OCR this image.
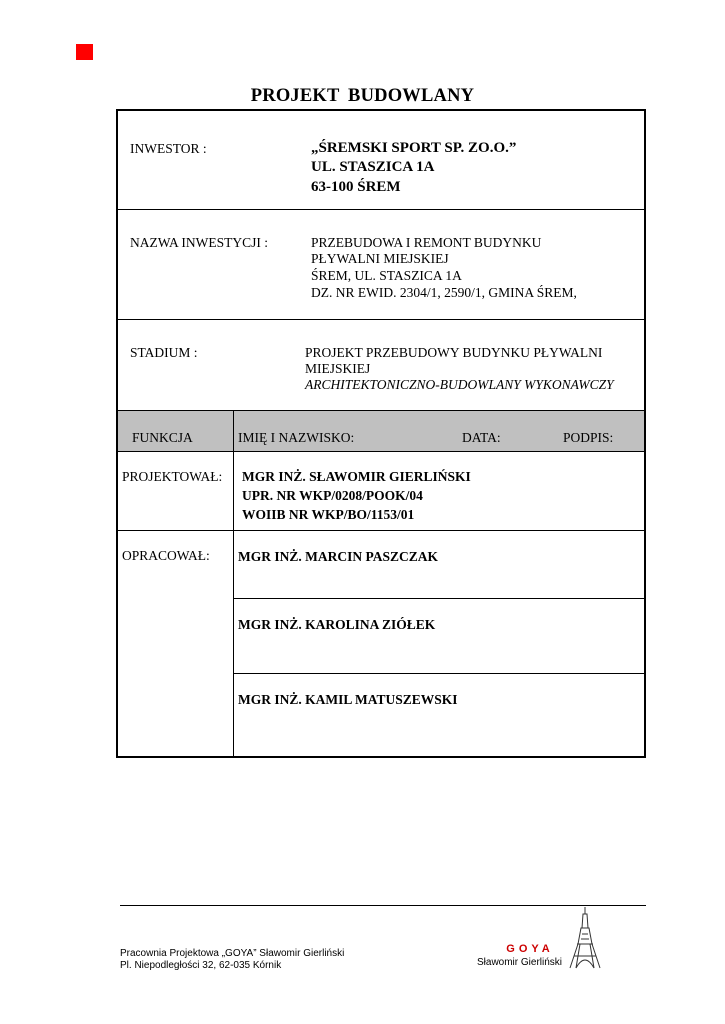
PROJEKT BUDOWLANY
INWESTOR :	„ŚREMSKI SPORT SP. ZO.O.”
UL. STASZICA 1A
63-100 ŚREM
NAZWA INWESTYCJI :	PRZEBUDOWA I REMONT BUDYNKU
PŁYWALNI MIEJSKIEJ
ŚREM, UL. STASZICA 1A
DZ. NR EWID. 2304/1, 2590/1, GMINA ŚREM,
STADIUM :	PROJEKT PRZEBUDOWY BUDYNKU PŁYWALNI
MIEJSKIEJ
ARCHITEKTONICZNO-BUDOWLANY WYKONAWCZY
FUNKCJA	IMIĘ I NAZWISKO:	DATA:	PODPIS:
PROJEKTOWAŁ: MGR INŻ. SŁAWOMIR GIERLIŃSKI
UPR. NR WKP/0208/POOK/04
WOIIB NR WKP/BO/1153/01
OPRACOWAŁ: MGR INŻ. MARCIN PASZCZAK
MGR INŻ. KAROLINA ZIÓŁEK
MGR INŻ. KAMIL MATUSZEWSKI
Pracownia Projektowa „GOYA” Sławomir Gierliński
Pl. Niepodległości 32, 62-035 Kórnik
GOYA
Sławomir Gierliński
